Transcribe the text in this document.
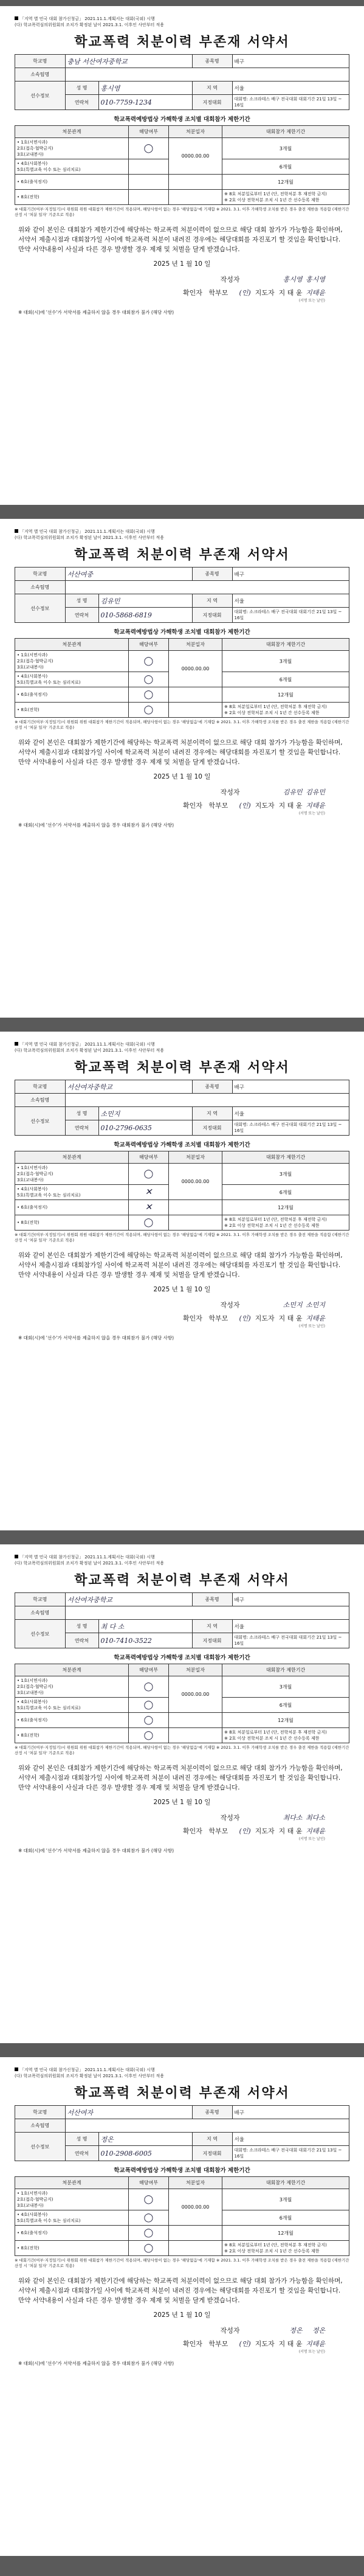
「지역 별 민국 대회 참가신청금」 2021.11.1.계획서는 대회(국외) 시행
(다) 학교폭력심의위원회의 조치가 확정된 날이 2021.3.1. 이후인 사안부터 적용
학교폭력 처분이력 부존재 서약서
학교명	충남 서산여자중학교		종목명	배구
소속팀명				
선수정보	성 명	홍시영	지 역	서울
	연락처	010-7759-1234	지정대회	대회명: 소크라테스 배구 전국대회 대회기간 21일 13일 ~ 16일
학교폭력예방법상 가해학생 조치별 대회참가 제한기간
처분관계	해당여부	처분일자	대회참가 제한기간
• 1호(서면사과)
2호(접촉·협박금지)
3호(교내봉사)	◯	0000.00.00	3개월
• 4호(사회봉사)
5호(특별교육 이수 또는 심리치료)			6개월
• 6호(출석정지)			12개월
• 8호(전학)			※ 8호 처분일로부터 1년 (단, 전학처분 후 재전학 금지)
※ 2호 이상 전학처분 조치 시 1년 간 선수등록 제한
※ 대회기간(여부·지정일기)시 위원회 위원 대회참가 제한기간이 적용되며, 해당사항이 없는 경우 '해당없음'에 기재함 ※ 2021. 3.1. 이후 가해학생 조치를 받은 경우 출전 제한을 적용함 (제한기간 산정 시 '처분 일자' 기준으로 적용)
위와 같이 본인은 대회참가 제한기간에 해당하는 학교폭력 처분이력이 없으므로 해당 대회 참가가 가능함을 확인하며, 서약서 제출시점과 대회참가일 사이에 학교폭력 처분이 내려진 경우에는 해당대회를 자진포기 할 것임을 확인합니다. 만약 서약내용이 사실과 다른 경우 발생할 경우 제재 및 처벌을 달게 받겠습니다.
2025 년 1 월 10 일
작성자	홍시영 홍시영
확인자 학부모 (인) 지도자 지 태 윤 지태윤
(서명 또는 날인)
※ 대회(시)에 '선수'가 서약서를 제출하지 않을 경우 대회참가 불가 (해당 사항)
「지역 별 민국 대회 참가신청금」 2021.11.1.계획서는 대회(국외) 시행
(다) 학교폭력심의위원회의 조치가 확정된 날이 2021.3.1. 이후인 사안부터 적용
학교폭력 처분이력 부존재 서약서
학교명	서산여중		종목명	배구
소속팀명				
선수정보	성 명	김유민	지 역	서울
	연락처	010-5868-6819	지정대회	대회명: 소크라테스 배구 전국대회 대회기간 21일 13일 ~ 16일
학교폭력예방법상 가해학생 조치별 대회참가 제한기간
처분관계	해당여부	처분일자	대회참가 제한기간
• 1호(서면사과)
2호(접촉·협박금지)
3호(교내봉사)	◯	0000.00.00	3개월
• 4호(사회봉사)
5호(특별교육 이수 또는 심리치료)	◯		6개월
• 6호(출석정지)	◯		12개월
• 8호(전학)	◯		※ 8호 처분일로부터 1년 (단, 전학처분 후 재전학 금지)
※ 2호 이상 전학처분 조치 시 1년 간 선수등록 제한
※ 대회기간(여부·지정일기)시 위원회 위원 대회참가 제한기간이 적용되며, 해당사항이 없는 경우 '해당없음'에 기재함 ※ 2021. 3.1. 이후 가해학생 조치를 받은 경우 출전 제한을 적용함 (제한기간 산정 시 '처분 일자' 기준으로 적용)
위와 같이 본인은 대회참가 제한기간에 해당하는 학교폭력 처분이력이 없으므로 해당 대회 참가가 가능함을 확인하며, 서약서 제출시점과 대회참가일 사이에 학교폭력 처분이 내려진 경우에는 해당대회를 자진포기 할 것임을 확인합니다. 만약 서약내용이 사실과 다른 경우 발생할 경우 제재 및 처벌을 달게 받겠습니다.
2025 년 1 월 10 일
작성자	김유민 김유민
확인자 학부모 (인) 지도자 지 태 윤 지태윤
(서명 또는 날인)
※ 대회(시)에 '선수'가 서약서를 제출하지 않을 경우 대회참가 불가 (해당 사항)
「지역 별 민국 대회 참가신청금」 2021.11.1.계획서는 대회(국외) 시행
(다) 학교폭력심의위원회의 조치가 확정된 날이 2021.3.1. 이후인 사안부터 적용
학교폭력 처분이력 부존재 서약서
학교명	서산여자중학교		종목명	배구
소속팀명				
선수정보	성 명	소민지	지 역	서울
	연락처	010-2796-0635	지정대회	대회명: 소크라테스 배구 전국대회 대회기간 21일 13일 ~ 16일
학교폭력예방법상 가해학생 조치별 대회참가 제한기간
처분관계	해당여부	처분일자	대회참가 제한기간
• 1호(서면사과)
2호(접촉·협박금지)
3호(교내봉사)	◯	0000.00.00	3개월
• 4호(사회봉사)
5호(특별교육 이수 또는 심리치료)	✕		6개월
• 6호(출석정지)	✕		12개월
• 8호(전학)	◯		※ 8호 처분일로부터 1년 (단, 전학처분 후 재전학 금지)
※ 2호 이상 전학처분 조치 시 1년 간 선수등록 제한
※ 대회기간(여부·지정일기)시 위원회 위원 대회참가 제한기간이 적용되며, 해당사항이 없는 경우 '해당없음'에 기재함 ※ 2021. 3.1. 이후 가해학생 조치를 받은 경우 출전 제한을 적용함 (제한기간 산정 시 '처분 일자' 기준으로 적용)
위와 같이 본인은 대회참가 제한기간에 해당하는 학교폭력 처분이력이 없으므로 해당 대회 참가가 가능함을 확인하며, 서약서 제출시점과 대회참가일 사이에 학교폭력 처분이 내려진 경우에는 해당대회를 자진포기 할 것임을 확인합니다. 만약 서약내용이 사실과 다른 경우 발생할 경우 제재 및 처벌을 달게 받겠습니다.
2025 년 1 월 10 일
작성자	소민지 소민지
확인자 학부모 (인) 지도자 지 태 윤 지태윤
(서명 또는 날인)
※ 대회(시)에 '선수'가 서약서를 제출하지 않을 경우 대회참가 불가 (해당 사항)
「지역 별 민국 대회 참가신청금」 2021.11.1.계획서는 대회(국외) 시행
(다) 학교폭력심의위원회의 조치가 확정된 날이 2021.3.1. 이후인 사안부터 적용
학교폭력 처분이력 부존재 서약서
학교명	서산여자중학교		종목명	배구
소속팀명				
선수정보	성 명	최 다 소	지 역	서울
	연락처	010-7410-3522	지정대회	대회명: 소크라테스 배구 전국대회 대회기간 21일 13일 ~ 16일
학교폭력예방법상 가해학생 조치별 대회참가 제한기간
처분관계	해당여부	처분일자	대회참가 제한기간
• 1호(서면사과)
2호(접촉·협박금지)
3호(교내봉사)	◯	0000.00.00	3개월
• 4호(사회봉사)
5호(특별교육 이수 또는 심리치료)	◯		6개월
• 6호(출석정지)	◯		12개월
• 8호(전학)	◯		※ 8호 처분일로부터 1년 (단, 전학처분 후 재전학 금지)
※ 2호 이상 전학처분 조치 시 1년 간 선수등록 제한
※ 대회기간(여부·지정일기)시 위원회 위원 대회참가 제한기간이 적용되며, 해당사항이 없는 경우 '해당없음'에 기재함 ※ 2021. 3.1. 이후 가해학생 조치를 받은 경우 출전 제한을 적용함 (제한기간 산정 시 '처분 일자' 기준으로 적용)
위와 같이 본인은 대회참가 제한기간에 해당하는 학교폭력 처분이력이 없으므로 해당 대회 참가가 가능함을 확인하며, 서약서 제출시점과 대회참가일 사이에 학교폭력 처분이 내려진 경우에는 해당대회를 자진포기 할 것임을 확인합니다. 만약 서약내용이 사실과 다른 경우 발생할 경우 제재 및 처벌을 달게 받겠습니다.
2025 년 1 월 10 일
작성자	최다소 최다소
확인자 학부모 (인) 지도자 지 태 윤 지태윤
(서명 또는 날인)
※ 대회(시)에 '선수'가 서약서를 제출하지 않을 경우 대회참가 불가 (해당 사항)
「지역 별 민국 대회 참가신청금」 2021.11.1.계획서는 대회(국외) 시행
(다) 학교폭력심의위원회의 조치가 확정된 날이 2021.3.1. 이후인 사안부터 적용
학교폭력 처분이력 부존재 서약서
학교명	서산여자		종목명	배구
소속팀명				
선수정보	성 명	정온	지 역	서울
	연락처	010-2908-6005	지정대회	대회명: 소크라테스 배구 전국대회 대회기간 21일 13일 ~ 16일
학교폭력예방법상 가해학생 조치별 대회참가 제한기간
처분관계	해당여부	처분일자	대회참가 제한기간
• 1호(서면사과)
2호(접촉·협박금지)
3호(교내봉사)	◯	0000.00.00	3개월
• 4호(사회봉사)
5호(특별교육 이수 또는 심리치료)	◯		6개월
• 6호(출석정지)	◯		12개월
• 8호(전학)	◯		※ 8호 처분일로부터 1년 (단, 전학처분 후 재전학 금지)
※ 2호 이상 전학처분 조치 시 1년 간 선수등록 제한
※ 대회기간(여부·지정일기)시 위원회 위원 대회참가 제한기간이 적용되며, 해당사항이 없는 경우 '해당없음'에 기재함 ※ 2021. 3.1. 이후 가해학생 조치를 받은 경우 출전 제한을 적용함 (제한기간 산정 시 '처분 일자' 기준으로 적용)
위와 같이 본인은 대회참가 제한기간에 해당하는 학교폭력 처분이력이 없으므로 해당 대회 참가가 가능함을 확인하며, 서약서 제출시점과 대회참가일 사이에 학교폭력 처분이 내려진 경우에는 해당대회를 자진포기 할 것임을 확인합니다. 만약 서약내용이 사실과 다른 경우 발생할 경우 제재 및 처벌을 달게 받겠습니다.
2025 년 1 월 10 일
작성자	정온 정온
확인자 학부모 (인) 지도자 지 태 윤 지태윤
(서명 또는 날인)
※ 대회(시)에 '선수'가 서약서를 제출하지 않을 경우 대회참가 불가 (해당 사항)
